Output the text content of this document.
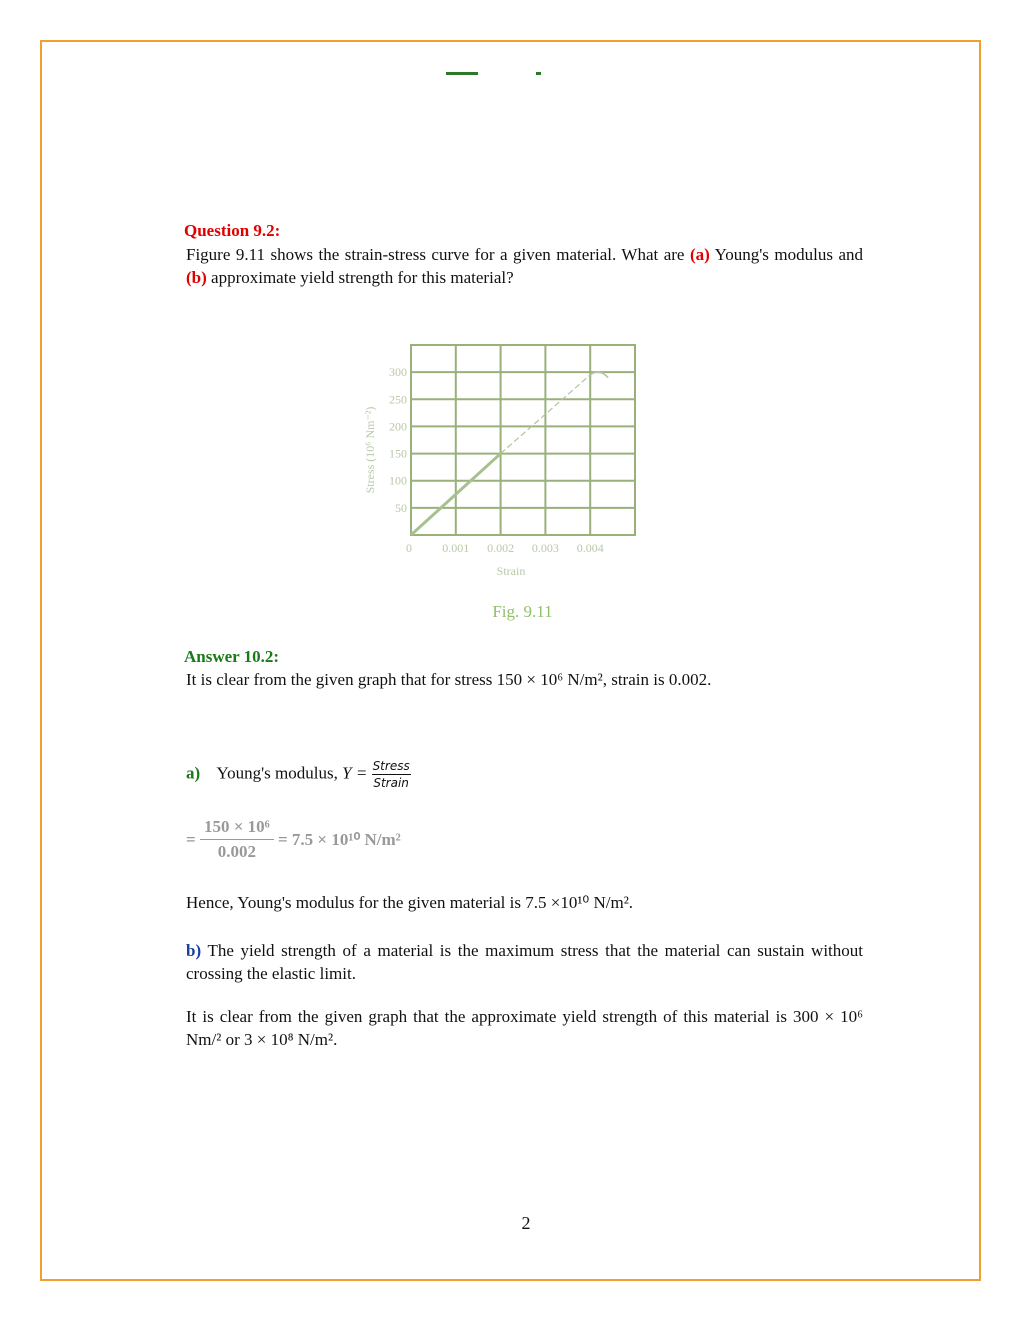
Question 9.2:
Figure 9.11 shows the strain-stress curve for a given material. What are (a) Young's modulus and (b) approximate yield strength for this material?
50
100
150
200
250
300
0	0.001 0.002 0.003 0.004
Strain
Stress (10⁶ Nm⁻²)
Fig. 9.11
Answer 10.2:
It is clear from the given graph that for stress 150 × 10⁶ N/m², strain is 0.002.
a) Young's modulus, $Y = \frac{\text{Stress}}{\text{Strain}}$
= $\frac{\text{150 × 10⁶}}{0.002} = 7.5 \times 10^{10}$ N/m²
Hence, Young's modulus for the given material is 7.5 ×10¹⁰ N/m².
b) The yield strength of a material is the maximum stress that the material can sustain without crossing the elastic limit.
It is clear from the given graph that the approximate yield strength of this material is 300 × 10⁶ Nm/² or 3 × 10⁸ N/m².
2
